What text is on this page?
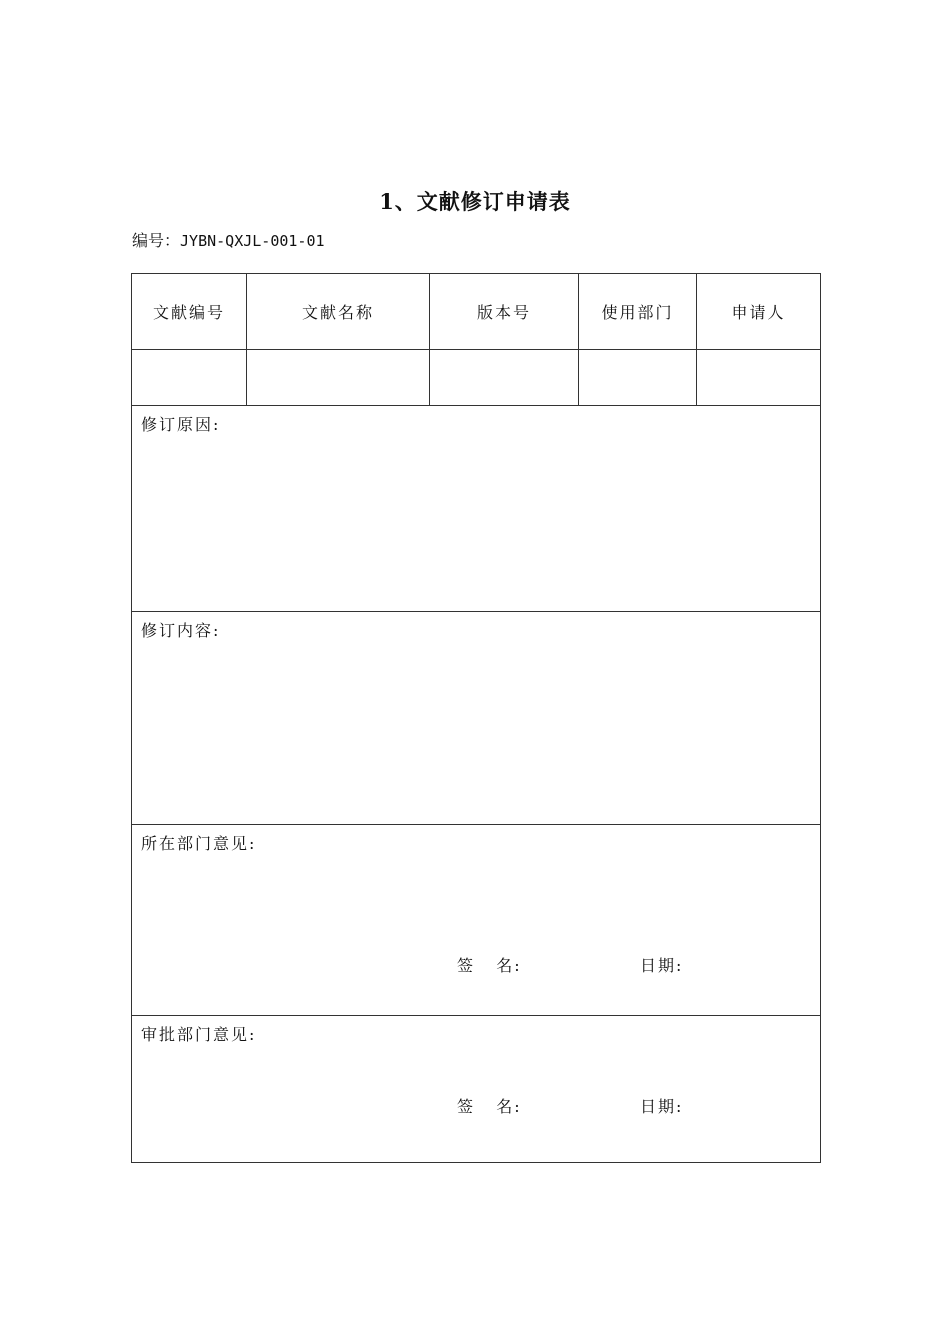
1、文献修订申请表
编号：JYBN-QXJL-001-01
文献编号	文献名称	版本号	使用部门	申请人

修订原因:				

修订内容:				

所在部门意见:
签   名: 日期:				

审批部门意见:
签   名: 日期:				
